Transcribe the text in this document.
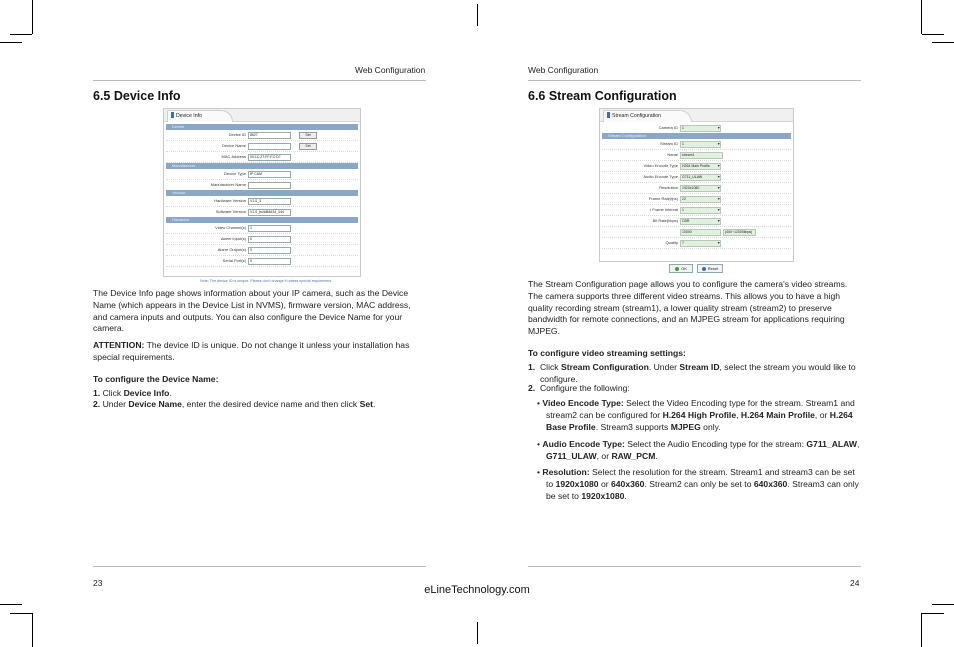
Web Configuration
6.5 Device Info
Device Info
Device
Device ID	8627	Set
Device Name	Set
MAC Address	00:1C:27:FF:FC:D7
Manufacturer
Device Type	IP CAM
Manufacturer Name
Version
Hardware Version	V1.0_3
Software Version	V1.0_build84634_044
Hardware
Video Channel(s)	1
Alarm Input(s)	0
Alarm Output(s)	0
Serial Port(s)	0
Note: The device ID is unique. Please don't change it unless special requirement.
The Device Info page shows information about your IP camera, such as the Device Name (which appears in the Device List in NVMS), firmware version, MAC address, and camera inputs and outputs. You can also configure the Device Name for your camera.
ATTENTION: The device ID is unique. Do not change it unless your installation has special requirements.
To configure the Device Name:
1. Click Device Info.
2. Under Device Name, enter the desired device name and then click Set.
23
Web Configuration
6.6 Stream Configuration
Stream Configuration
Camera ID	1	▼
Stream Configuration
Stream ID	1	▼
Name	stream1
Video Encode Type	H264 Main Profile	▼
Audio Encode Type	G711_ULAW	▼
Resolution	1920x1080	▼
Frame Rate(fps)	22	▼
I Frame Interval	1	▼
Bit Rate(kbps)	CBR	▼
10000	(400~12000kbps)
Quality	7	▼
OK	Reset
The Stream Configuration page allows you to configure the camera's video streams. The camera supports three different video streams. This allows you to have a high quality recording stream (stream1), a lower quality stream (stream2) to preserve bandwidth for remote connections, and an MJPEG stream for applications requiring MJPEG.
To configure video streaming settings:
1. Click Stream Configuration. Under Stream ID, select the stream you would like to configure.
2. Configure the following:
• Video Encode Type: Select the Video Encoding type for the stream. Stream1 and stream2 can be configured for H.264 High Profile, H.264 Main Profile, or H.264 Base Profile. Stream3 supports MJPEG only.
• Audio Encode Type: Select the Audio Encoding type for the stream: G711_ALAW, G711_ULAW, or RAW_PCM.
• Resolution: Select the resolution for the stream. Stream1 and stream3 can be set to 1920x1080 or 640x360. Stream2 can only be set to 640x360. Stream3 can only be set to 1920x1080.
24
eLineTechnology.com
